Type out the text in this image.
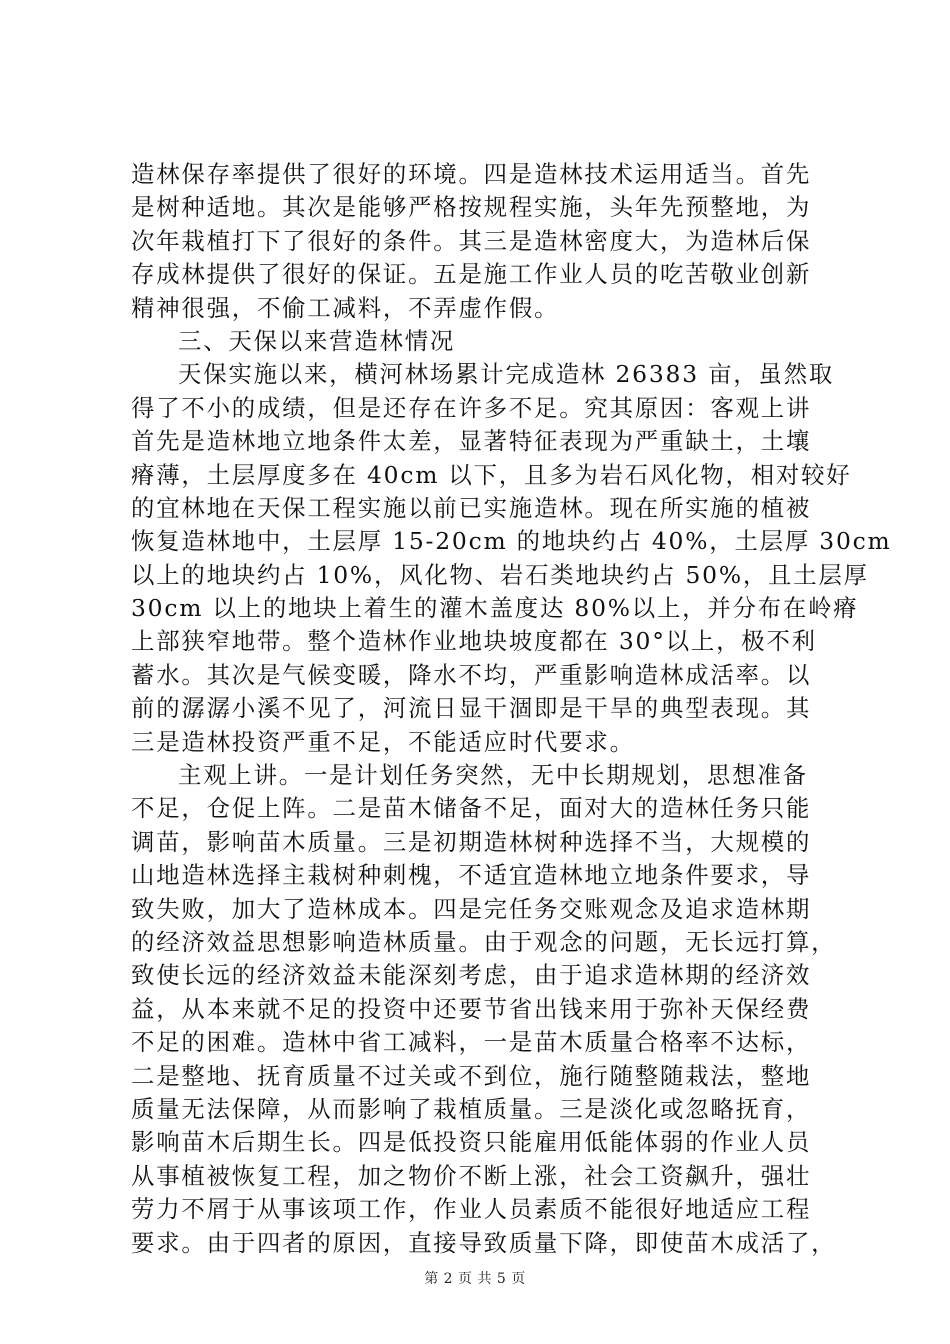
造林保存率提供了很好的环境。四是造林技术运用适当。首先
是树种适地。其次是能够严格按规程实施，头年先预整地，为
次年栽植打下了很好的条件。其三是造林密度大，为造林后保
存成林提供了很好的保证。五是施工作业人员的吃苦敬业创新
精神很强，不偷工减料，不弄虚作假。
三、天保以来营造林情况
天保实施以来，横河林场累计完成造林 26383 亩，虽然取
得了不小的成绩，但是还存在许多不足。究其原因：客观上讲
首先是造林地立地条件太差，显著特征表现为严重缺土，土壤
瘠薄，土层厚度多在 40cm 以下，且多为岩石风化物，相对较好
的宜林地在天保工程实施以前已实施造林。现在所实施的植被
恢复造林地中，土层厚 15-20cm 的地块约占 40%，土层厚 30cm
以上的地块约占 10%，风化物、岩石类地块约占 50%，且土层厚
30cm 以上的地块上着生的灌木盖度达 80%以上，并分布在岭瘠
上部狭窄地带。整个造林作业地块坡度都在 30°以上，极不利
蓄水。其次是气候变暖，降水不均，严重影响造林成活率。以
前的潺潺小溪不见了，河流日显干涸即是干旱的典型表现。其
三是造林投资严重不足，不能适应时代要求。
主观上讲。一是计划任务突然，无中长期规划，思想准备
不足，仓促上阵。二是苗木储备不足，面对大的造林任务只能
调苗，影响苗木质量。三是初期造林树种选择不当，大规模的
山地造林选择主栽树种刺槐，不适宜造林地立地条件要求，导
致失败，加大了造林成本。四是完任务交账观念及追求造林期
的经济效益思想影响造林质量。由于观念的问题，无长远打算，
致使长远的经济效益未能深刻考虑，由于追求造林期的经济效
益，从本来就不足的投资中还要节省出钱来用于弥补天保经费
不足的困难。造林中省工减料，一是苗木质量合格率不达标，
二是整地、抚育质量不过关或不到位，施行随整随栽法，整地
质量无法保障，从而影响了栽植质量。三是淡化或忽略抚育，
影响苗木后期生长。四是低投资只能雇用低能体弱的作业人员
从事植被恢复工程，加之物价不断上涨，社会工资飙升，强壮
劳力不屑于从事该项工作，作业人员素质不能很好地适应工程
要求。由于四者的原因，直接导致质量下降，即使苗木成活了，
第 2 页 共 5 页
